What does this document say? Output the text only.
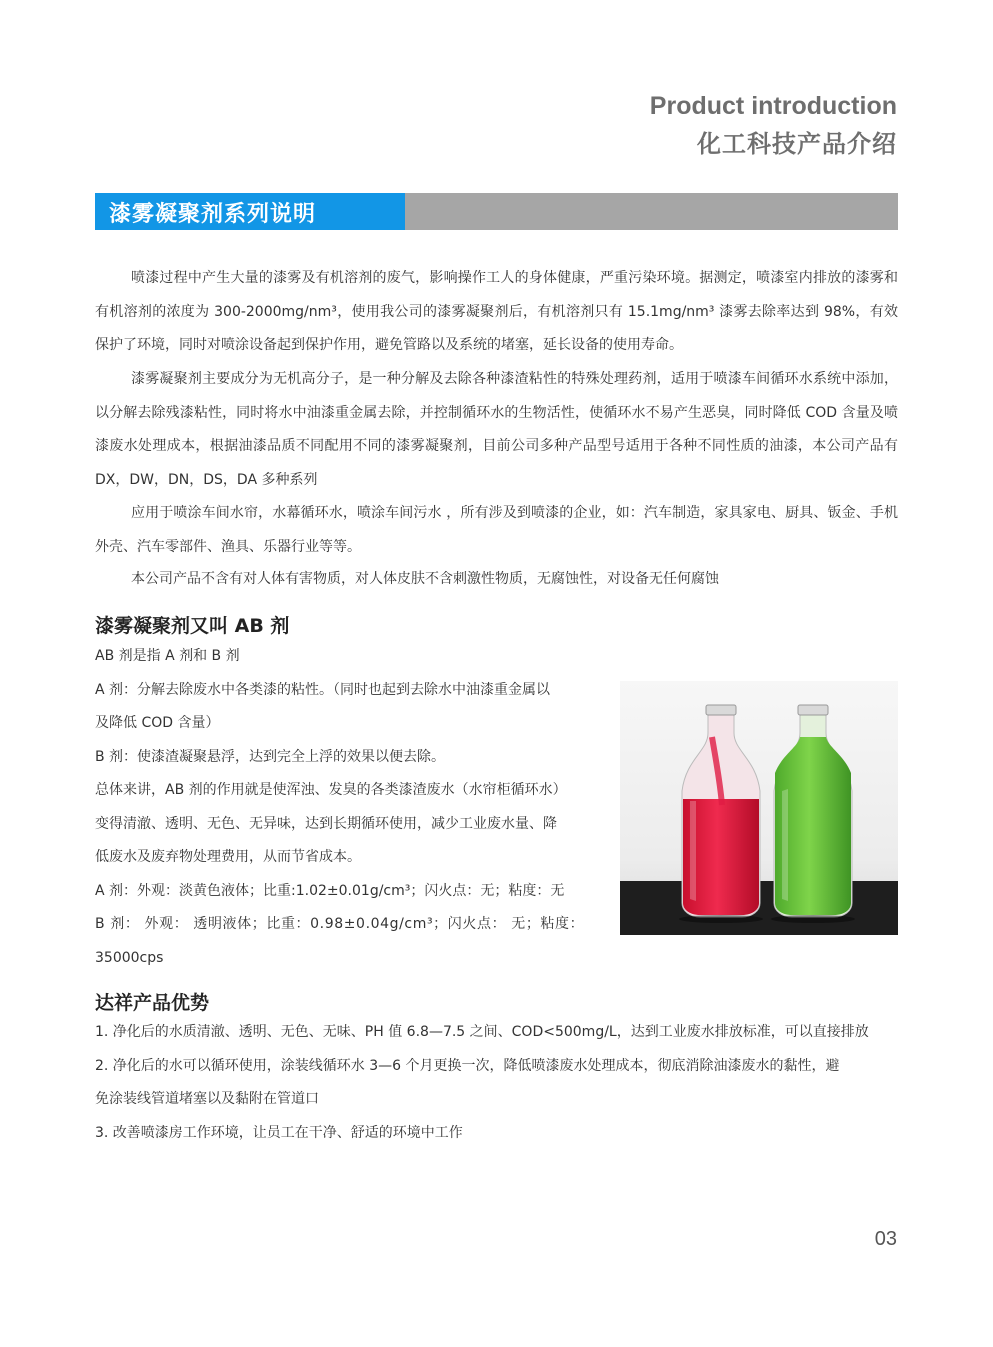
Product introduction
化工科技产品介绍
漆雾凝聚剂系列说明
喷漆过程中产生大量的漆雾及有机溶剂的废气，影响操作工人的身体健康，严重污染环境。据测定，喷漆室内排放的漆雾和有机溶剂的浓度为 300-2000mg/nm³，使用我公司的漆雾凝聚剂后，有机溶剂只有 15.1mg/nm³ 漆雾去除率达到 98%，有效保护了环境，同时对喷涂设备起到保护作用，避免管路以及系统的堵塞，延长设备的使用寿命。
漆雾凝聚剂主要成分为无机高分子，是一种分解及去除各种漆渣粘性的特殊处理药剂，适用于喷漆车间循环水系统中添加，以分解去除残漆粘性，同时将水中油漆重金属去除，并控制循环水的生物活性，使循环水不易产生恶臭，同时降低 COD 含量及喷漆废水处理成本，根据油漆品质不同配用不同的漆雾凝聚剂，目前公司多种产品型号适用于各种不同性质的油漆，本公司产品有 DX，DW，DN，DS，DA 多种系列
应用于喷涂车间水帘，水幕循环水，喷涂车间污水 ，所有涉及到喷漆的企业，如：汽车制造，家具家电、厨具、钣金、手机外壳、汽车零部件、渔具、乐器行业等等。
本公司产品不含有对人体有害物质，对人体皮肤不含刺激性物质，无腐蚀性，对设备无任何腐蚀
漆雾凝聚剂又叫 AB 剂
AB 剂是指 A 剂和 B 剂
A 剂：分解去除废水中各类漆的粘性。（同时也起到去除水中油漆重金属以
及降低 COD 含量）
B 剂：使漆渣凝聚悬浮，达到完全上浮的效果以便去除。
总体来讲，AB 剂的作用就是使浑浊、发臭的各类漆渣废水（水帘柜循环水）
变得清澈、透明、无色、无异味，达到长期循环使用，减少工业废水量、降
低废水及废弃物处理费用，从而节省成本。
A 剂：外观：淡黄色液体；比重:1.02±0.01g/cm³；闪火点：无；粘度：无
B 剂： 外观： 透明液体；比重：0.98±0.04g/cm³；闪火点： 无；粘度：
35000cps
达祥产品优势
1. 净化后的水质清澈、透明、无色、无味、PH 值 6.8—7.5 之间、COD<500mg/L，达到工业废水排放标准，可以直接排放
2. 净化后的水可以循环使用，涂装线循环水 3—6 个月更换一次，降低喷漆废水处理成本，彻底消除油漆废水的黏性，避
免涂装线管道堵塞以及黏附在管道口
3. 改善喷漆房工作环境，让员工在干净、舒适的环境中工作
03
